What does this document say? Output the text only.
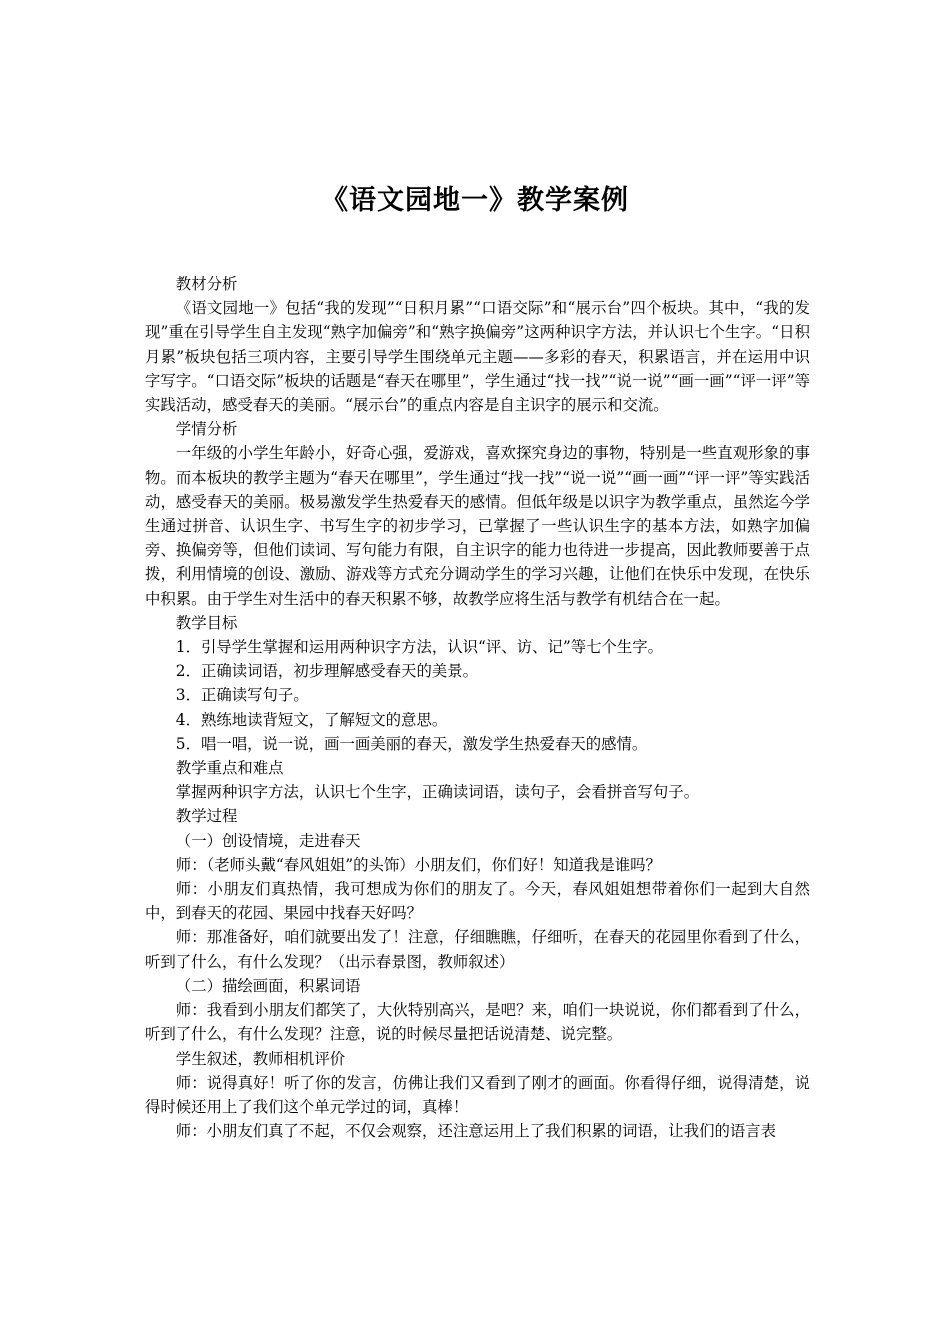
《语文园地一》教学案例

教材分析

《语文园地一》包括“我的发现”“日积月累”“口语交际”和“展示台”四个板块。其中，“我的发现”重在引导学生自主发现“熟字加偏旁”和“熟字换偏旁”这两种识字方法，并认识七个生字。“日积月累”板块包括三项内容，主要引导学生围绕单元主题——多彩的春天，积累语言，并在运用中识字写字。“口语交际”板块的话题是“春天在哪里”，学生通过“找一找”“说一说”“画一画”“评一评”等实践活动，感受春天的美丽。“展示台”的重点内容是自主识字的展示和交流。

学情分析

一年级的小学生年龄小，好奇心强，爱游戏，喜欢探究身边的事物，特别是一些直观形象的事物。而本板块的教学主题为“春天在哪里”，学生通过“找一找”“说一说”“画一画”“评一评”等实践活动，感受春天的美丽。极易激发学生热爱春天的感情。但低年级是以识字为教学重点，虽然迄今学生通过拼音、认识生字、书写生字的初步学习，已掌握了一些认识生字的基本方法，如熟字加偏旁、换偏旁等，但他们读词、写句能力有限，自主识字的能力也待进一步提高，因此教师要善于点拨，利用情境的创设、激励、游戏等方式充分调动学生的学习兴趣，让他们在快乐中发现，在快乐中积累。由于学生对生活中的春天积累不够，故教学应将生活与教学有机结合在一起。

教学目标

1．引导学生掌握和运用两种识字方法，认识“评、访、记”等七个生字。

2．正确读词语，初步理解感受春天的美景。

3．正确读写句子。

4．熟练地读背短文，了解短文的意思。

5．唱一唱，说一说，画一画美丽的春天，激发学生热爱春天的感情。

教学重点和难点

掌握两种识字方法，认识七个生字，正确读词语，读句子，会看拼音写句子。

教学过程

（一）创设情境，走进春天

师：（老师头戴“春风姐姐”的头饰）小朋友们，你们好！知道我是谁吗？

师：小朋友们真热情，我可想成为你们的朋友了。今天，春风姐姐想带着你们一起到大自然中，到春天的花园、果园中找春天好吗？

师：那准备好，咱们就要出发了！注意，仔细瞧瞧，仔细听，在春天的花园里你看到了什么，听到了什么，有什么发现？（出示春景图，教师叙述）

（二）描绘画面，积累词语

师：我看到小朋友们都笑了，大伙特别高兴，是吧？来，咱们一块说说，你们都看到了什么，听到了什么，有什么发现？注意，说的时候尽量把话说清楚、说完整。

学生叙述，教师相机评价

师：说得真好！听了你的发言，仿佛让我们又看到了刚才的画面。你看得仔细，说得清楚，说得时候还用上了我们这个单元学过的词，真棒！

师：小朋友们真了不起，不仅会观察，还注意运用上了我们积累的词语，让我们的语言表
